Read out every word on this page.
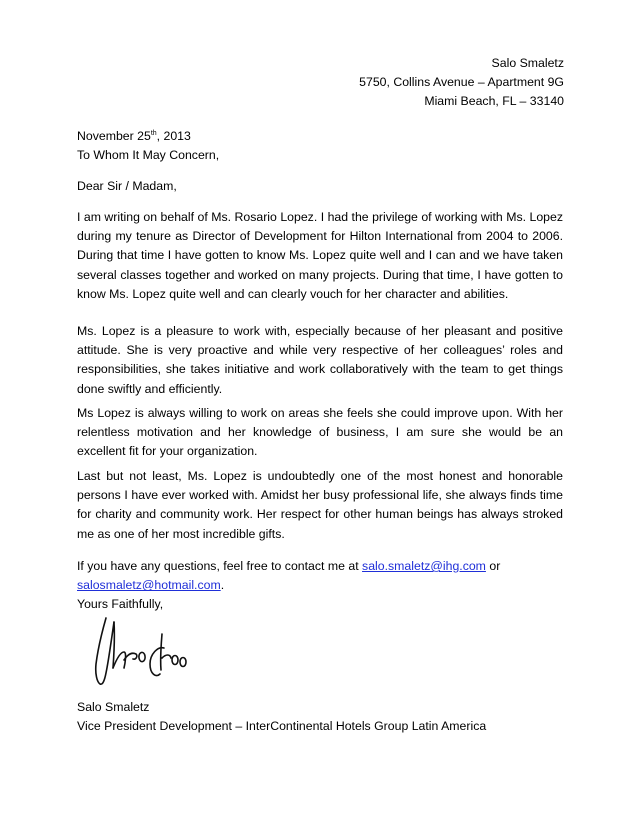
Salo Smaletz
5750, Collins Avenue – Apartment 9G
Miami Beach, FL – 33140
November 25th, 2013
To Whom It May Concern,
Dear Sir / Madam,
I am writing on behalf of Ms. Rosario Lopez. I had the privilege of working with Ms. Lopez during my tenure as Director of Development for Hilton International from 2004 to 2006. During that time I have gotten to know Ms. Lopez quite well and I can and we have taken several classes together and worked on many projects. During that time, I have gotten to know Ms. Lopez quite well and can clearly vouch for her character and abilities.
Ms. Lopez is a pleasure to work with, especially because of her pleasant and positive attitude. She is very proactive and while very respective of her colleagues’ roles and responsibilities, she takes initiative and work collaboratively with the team to get things done swiftly and efficiently.
Ms Lopez is always willing to work on areas she feels she could improve upon. With her relentless motivation and her knowledge of business, I am sure she would be an excellent fit for your organization.
Last but not least, Ms. Lopez is undoubtedly one of the most honest and honorable persons I have ever worked with. Amidst her busy professional life, she always finds time for charity and community work. Her respect for other human beings has always stroked me as one of her most incredible gifts.
If you have any questions, feel free to contact me at salo.smaletz@ihg.com or
salosmaletz@hotmail.com.
Yours Faithfully,
Salo Smaletz
Vice President Development – InterContinental Hotels Group Latin America
